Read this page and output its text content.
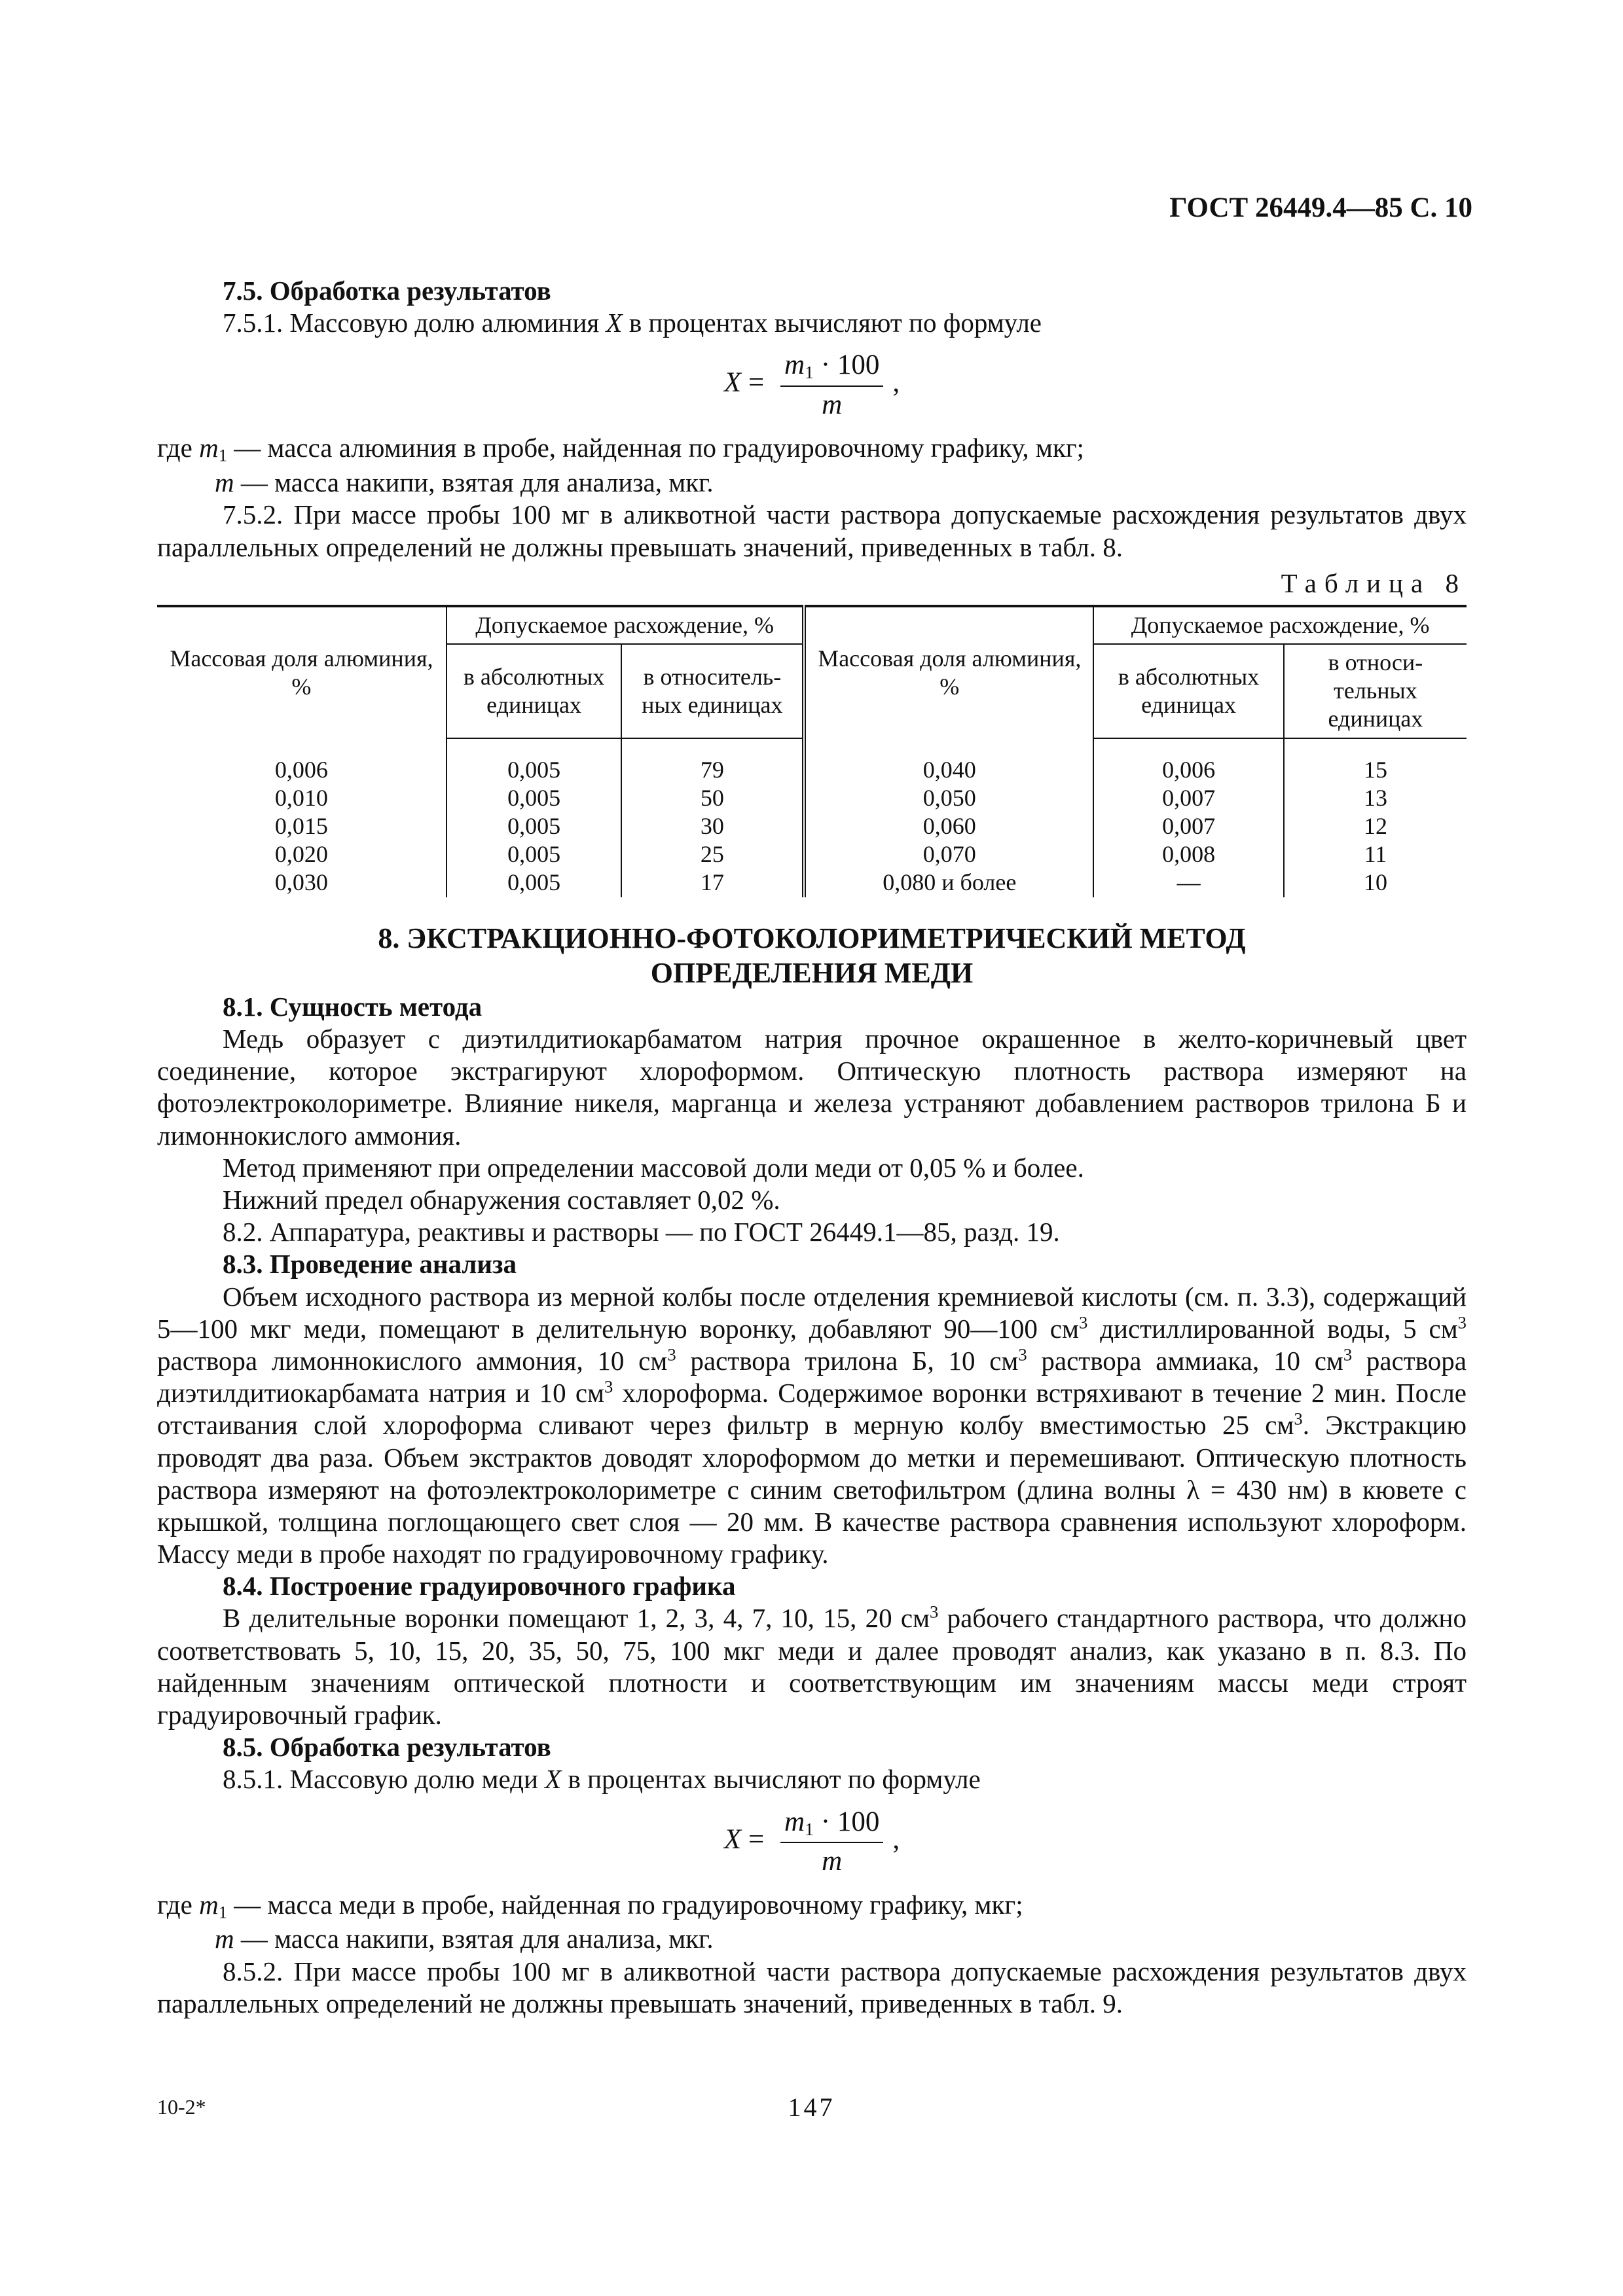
ГОСТ 26449.4—85 С. 10

7.5. Обработка результатов

7.5.1. Массовую долю алюминия X в процентах вычисляют по формуле

$X = \frac{m_1 \cdot 100}{m}$ ,

где $m_1$ — масса алюминия в пробе, найденная по градуировочному графику, мкг;

m — масса накипи, взятая для анализа, мкг.

7.5.2. При массе пробы 100 мг в аликвотной части раствора допускаемые расхождения результатов двух параллельных определений не должны превышать значений, приведенных в табл. 8.

Таблица 8

Массовая доля алюминия, %	Допускаемое расхождение, %		Массовая доля алюминия, %	Допускаемое расхождение, %	
	в абсолютных единицах	в относитель-ных единицах		в абсолютных единицах	в относи-тельных единицах

0,006	0,005	79	0,040	0,006	15
0,010	0,005	50	0,050	0,007	13
0,015	0,005	30	0,060	0,007	12
0,020	0,005	25	0,070	0,008	11
0,030	0,005	17	0,080 и более	—	10
8. ЭКСТРАКЦИОННО-ФОТОКОЛОРИМЕТРИЧЕСКИЙ МЕТОД
ОПРЕДЕЛЕНИЯ МЕДИ

8.1. Сущность метода

Медь образует с диэтилдитиокарбаматом натрия прочное окрашенное в желто-коричневый цвет соединение, которое экстрагируют хлороформом. Оптическую плотность раствора измеряют на фотоэлектроколориметре. Влияние никеля, марганца и железа устраняют добавлением растворов трилона Б и лимоннокислого аммония.

Метод применяют при определении массовой доли меди от 0,05 % и более.

Нижний предел обнаружения составляет 0,02 %.

8.2. Аппаратура, реактивы и растворы — по ГОСТ 26449.1—85, разд. 19.

8.3. Проведение анализа

Объем исходного раствора из мерной колбы после отделения кремниевой кислоты (см. п. 3.3), содержащий 5—100 мкг меди, помещают в делительную воронку, добавляют 90—100 $см^3$ дистиллированной воды, 5 $см^3$ раствора лимоннокислого аммония, 10 $см^3$ раствора трилона Б, 10 $см^3$ раствора аммиака, 10 $см^3$ раствора диэтилдитиокарбамата натрия и 10 $см^3$ хлороформа. Содержимое воронки встряхивают в течение 2 мин. После отстаивания слой хлороформа сливают через фильтр в мерную колбу вместимостью 25 $см^3$. Экстракцию проводят два раза. Объем экстрактов доводят хлороформом до метки и перемешивают. Оптическую плотность раствора измеряют на фотоэлектроколориметре с синим светофильтром (длина волны λ = 430 нм) в кювете с крышкой, толщина поглощающего свет слоя — 20 мм. В качестве раствора сравнения используют хлороформ. Массу меди в пробе находят по градуировочному графику.

8.4. Построение градуировочного графика

В делительные воронки помещают 1, 2, 3, 4, 7, 10, 15, 20 $см^3$ рабочего стандартного раствора, что должно соответствовать 5, 10, 15, 20, 35, 50, 75, 100 мкг меди и далее проводят анализ, как указано в п. 8.3. По найденным значениям оптической плотности и соответствующим им значениям массы меди строят градуировочный график.

8.5. Обработка результатов

8.5.1. Массовую долю меди X в процентах вычисляют по формуле

$X = \frac{m_1 \cdot 100}{m}$ ,

где $m_1$ — масса меди в пробе, найденная по градуировочному графику, мкг;

m — масса накипи, взятая для анализа, мкг.

8.5.2. При массе пробы 100 мг в аликвотной части раствора допускаемые расхождения результатов двух параллельных определений не должны превышать значений, приведенных в табл. 9.

10-2*	147
